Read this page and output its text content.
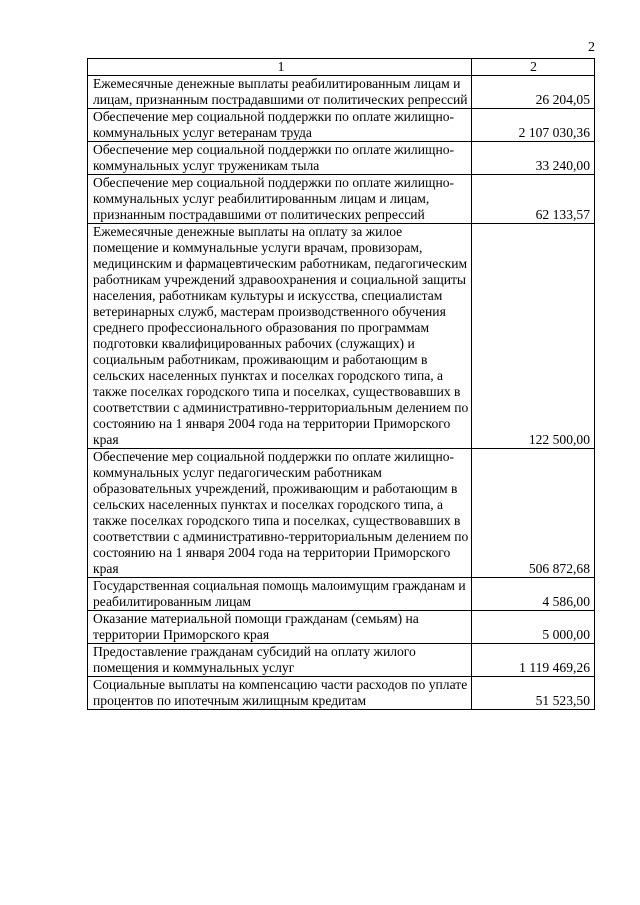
2
1	2
Ежемесячные денежные выплаты реабилитированным лицам и лицам, признанным пострадавшими от политических репрессий	26 204,05
Обеспечение мер социальной поддержки по оплате жилищно-коммунальных услуг ветеранам труда	2 107 030,36
Обеспечение мер социальной поддержки по оплате жилищно-коммунальных услуг труженикам тыла	33 240,00
Обеспечение мер социальной поддержки по оплате жилищно-коммунальных услуг реабилитированным лицам и лицам, признанным пострадавшими от политических репрессий	62 133,57
Ежемесячные денежные выплаты на оплату за жилое помещение и коммунальные услуги врачам, провизорам, медицинским и фармацевтическим работникам, педагогическим работникам учреждений здравоохранения и социальной защиты населения, работникам культуры и искусства, специалистам ветеринарных служб, мастерам производственного обучения среднего профессионального образования по программам подготовки квалифицированных рабочих (служащих) и социальным работникам, проживающим и работающим в сельских населенных пунктах и поселках городского типа, а также поселках городского типа и поселках, существовавших в соответствии с административно-территориальным делением по состоянию на 1 января 2004 года на территории Приморского края	122 500,00
Обеспечение мер социальной поддержки по оплате жилищно-коммунальных услуг педагогическим работникам образовательных учреждений, проживающим и работающим в сельских населенных пунктах и поселках городского типа, а также поселках городского типа и поселках, существовавших в соответствии с административно-территориальным делением по состоянию на 1 января 2004 года на территории Приморского края	506 872,68
Государственная социальная помощь малоимущим гражданам и реабилитированным лицам	4 586,00
Оказание материальной помощи гражданам (семьям) на территории Приморского края	5 000,00
Предоставление гражданам субсидий на оплату жилого помещения и коммунальных услуг	1 119 469,26
Социальные выплаты на компенсацию части расходов по уплате процентов по ипотечным жилищным кредитам	51 523,50
